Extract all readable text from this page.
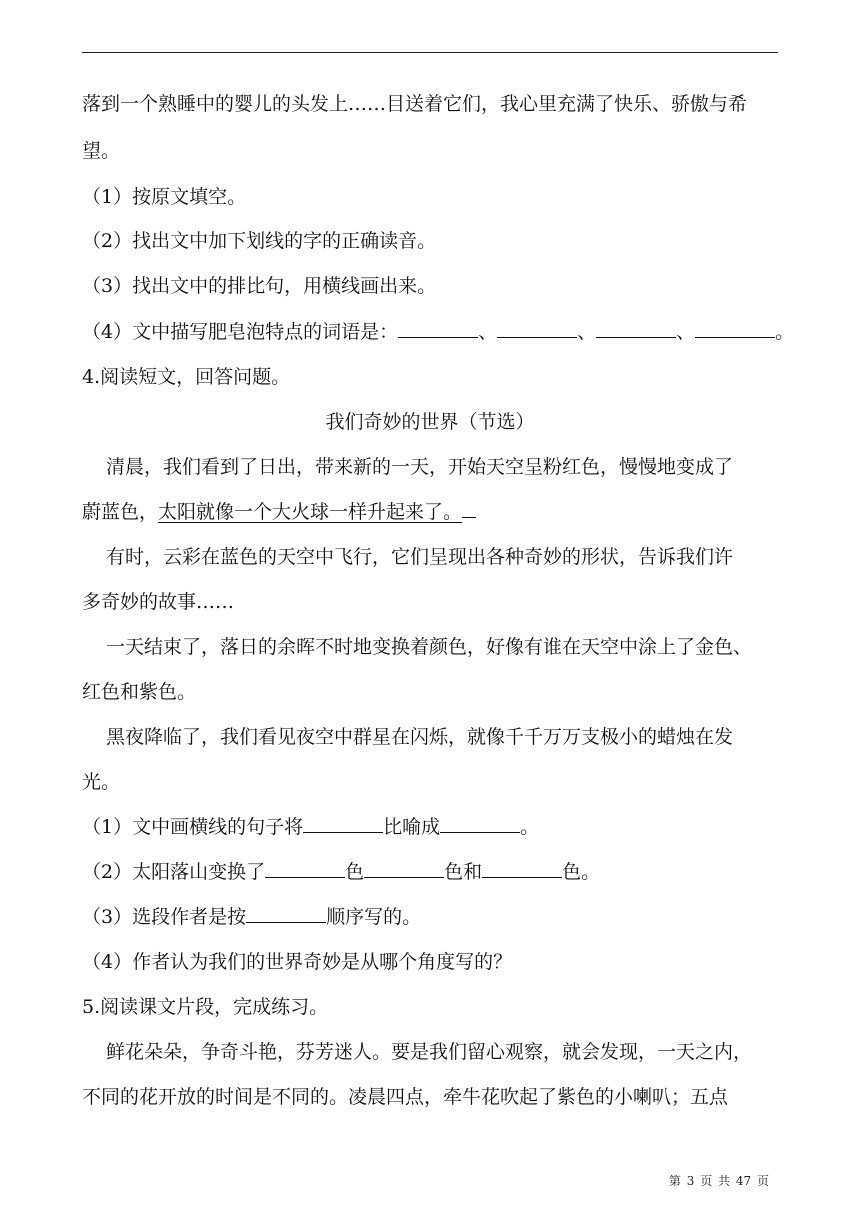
落到一个熟睡中的婴儿的头发上……目送着它们，我心里充满了快乐、骄傲与希
望。
（1）按原文填空。
（2）找出文中加下划线的字的正确读音。
（3）找出文中的排比句，用横线画出来。
（4）文中描写肥皂泡特点的词语是：	、	、	、	。
4.阅读短文，回答问题。
我们奇妙的世界（节选）
清晨，我们看到了日出，带来新的一天，开始天空呈粉红色，慢慢地变成了
蔚蓝色，太阳就像一个大火球一样升起来了。
有时，云彩在蓝色的天空中飞行，它们呈现出各种奇妙的形状，告诉我们许
多奇妙的故事……
一天结束了，落日的余晖不时地变换着颜色，好像有谁在天空中涂上了金色、
红色和紫色。
黑夜降临了，我们看见夜空中群星在闪烁，就像千千万万支极小的蜡烛在发
光。
（1）文中画横线的句子将	比喻成	。
（2）太阳落山变换了	色	色和	色。
（3）选段作者是按	顺序写的。
（4）作者认为我们的世界奇妙是从哪个角度写的？
5.阅读课文片段，完成练习。
鲜花朵朵，争奇斗艳，芬芳迷人。要是我们留心观察，就会发现，一天之内，
不同的花开放的时间是不同的。凌晨四点，牵牛花吹起了紫色的小喇叭；五点
第 3 页 共 47 页
